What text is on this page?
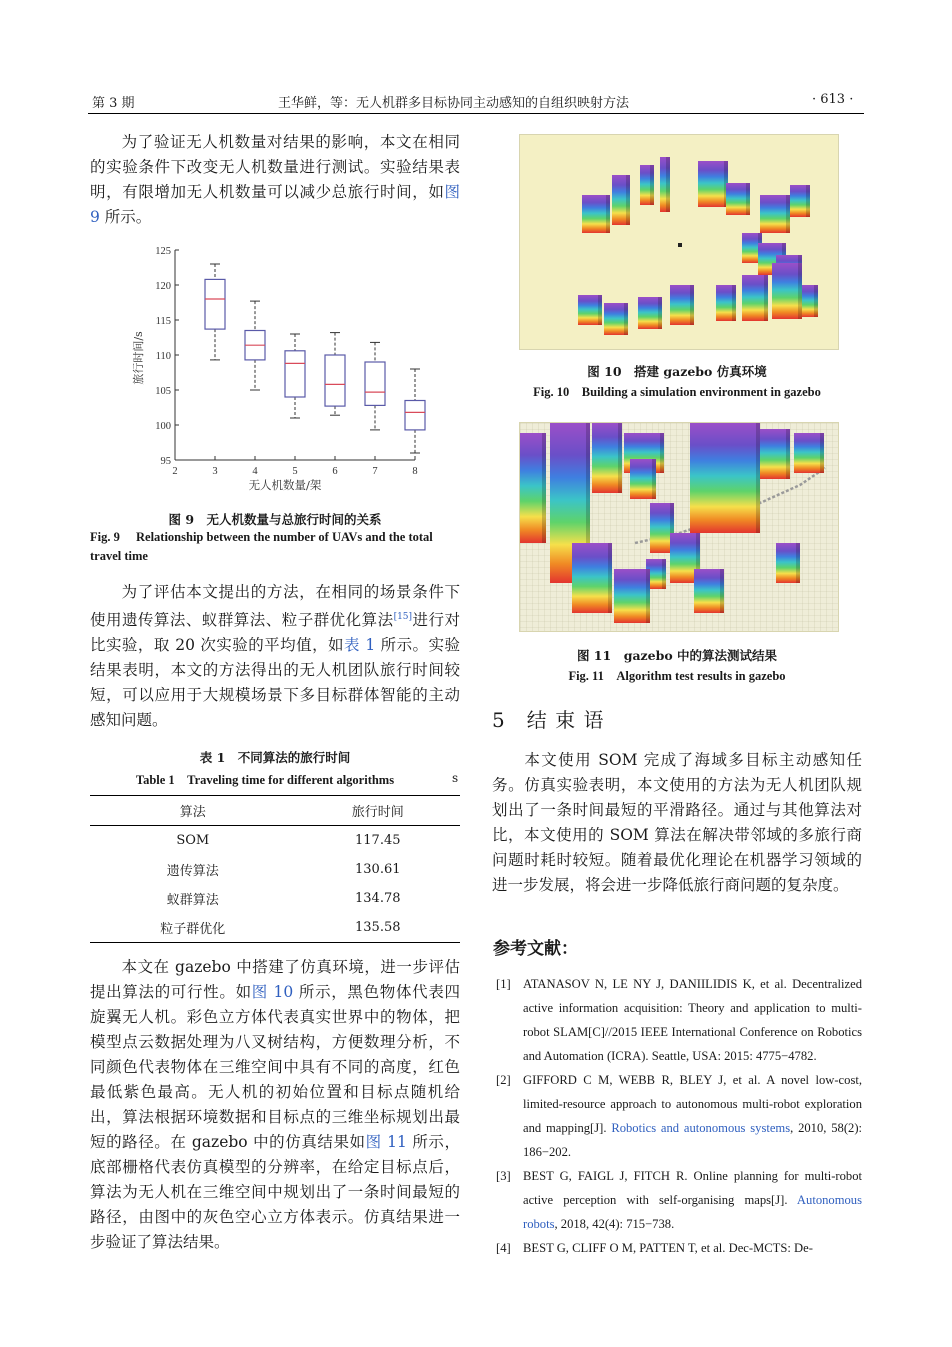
第 3 期	王华鲜，等：无人机群多目标协同主动感知的自组织映射方法	· 613 ·

为了验证无人机数量对结果的影响，本文在相同的实验条件下改变无人机数量进行测试。实验结果表明，有限增加无人机数量可以减少总旅行时间，如图 9 所示。

95
100
105
110
115
120
125
2	3	4	5	6	7	8
旅行时间/s
无人机数量/架
图 9　无人机数量与总旅行时间的关系
Fig. 9 Relationship between the number of UAVs and the total travel time

为了评估本文提出的方法，在相同的场景条件下使用遗传算法、蚁群算法、粒子群优化算法[15]进行对比实验，取 20 次实验的平均值，如表 1 所示。实验结果表明，本文的方法得出的无人机团队旅行时间较短，可以应用于大规模场景下多目标群体智能的主动感知问题。

表 1　不同算法的旅行时间
Table 1　Traveling time for different algorithms	s
算法	旅行时间
SOM	117.45
遗传算法	130.61
蚁群算法	134.78
粒子群优化	135.58

本文在 gazebo 中搭建了仿真环境，进一步评估提出算法的可行性。如图 10 所示，黑色物体代表四旋翼无人机。彩色立方体代表真实世界中的物体，把模型点云数据处理为八叉树结构，方便数理分析，不同颜色代表物体在三维空间中具有不同的高度，红色最低紫色最高。无人机的初始位置和目标点随机给出，算法根据环境数据和目标点的三维坐标规划出最短的路径。在 gazebo 中的仿真结果如图 11 所示，底部栅格代表仿真模型的分辨率，在给定目标点后，算法为无人机在三维空间中规划出了一条时间最短的路径，由图中的灰色空心立方体表示。仿真结果进一步验证了算法结果。

图 10　搭建 gazebo 仿真环境
Fig. 10　Building a simulation environment in gazebo
图 11　gazebo 中的算法测试结果
Fig. 11　Algorithm test results in gazebo
5　结 束 语

本文使用 SOM 完成了海域多目标主动感知任务。仿真实验表明，本文使用的方法为无人机团队规划出了一条时间最短的平滑路径。通过与其他算法对比，本文使用的 SOM 算法在解决带邻域的多旅行商问题时耗时较短。随着最优化理论在机器学习领域的进一步发展，将会进一步降低旅行商问题的复杂度。

参考文献：
[1] ATANASOV N, LE NY J, DANIILIDIS K, et al. Decentralized active information acquisition: Theory and application to multi-robot SLAM[C]//2015 IEEE International Conference on Robotics and Automation (ICRA). Seattle, USA: 2015: 4775−4782.
[2] GIFFORD C M, WEBB R, BLEY J, et al. A novel low-cost, limited-resource approach to autonomous multi-robot exploration and mapping[J]. Robotics and autonomous systems, 2010, 58(2): 186−202.
[3] BEST G, FAIGL J, FITCH R. Online planning for multi-robot active perception with self-organising maps[J]. Autonomous robots, 2018, 42(4): 715−738.
[4] BEST G, CLIFF O M, PATTEN T, et al. Dec-MCTS: De-
